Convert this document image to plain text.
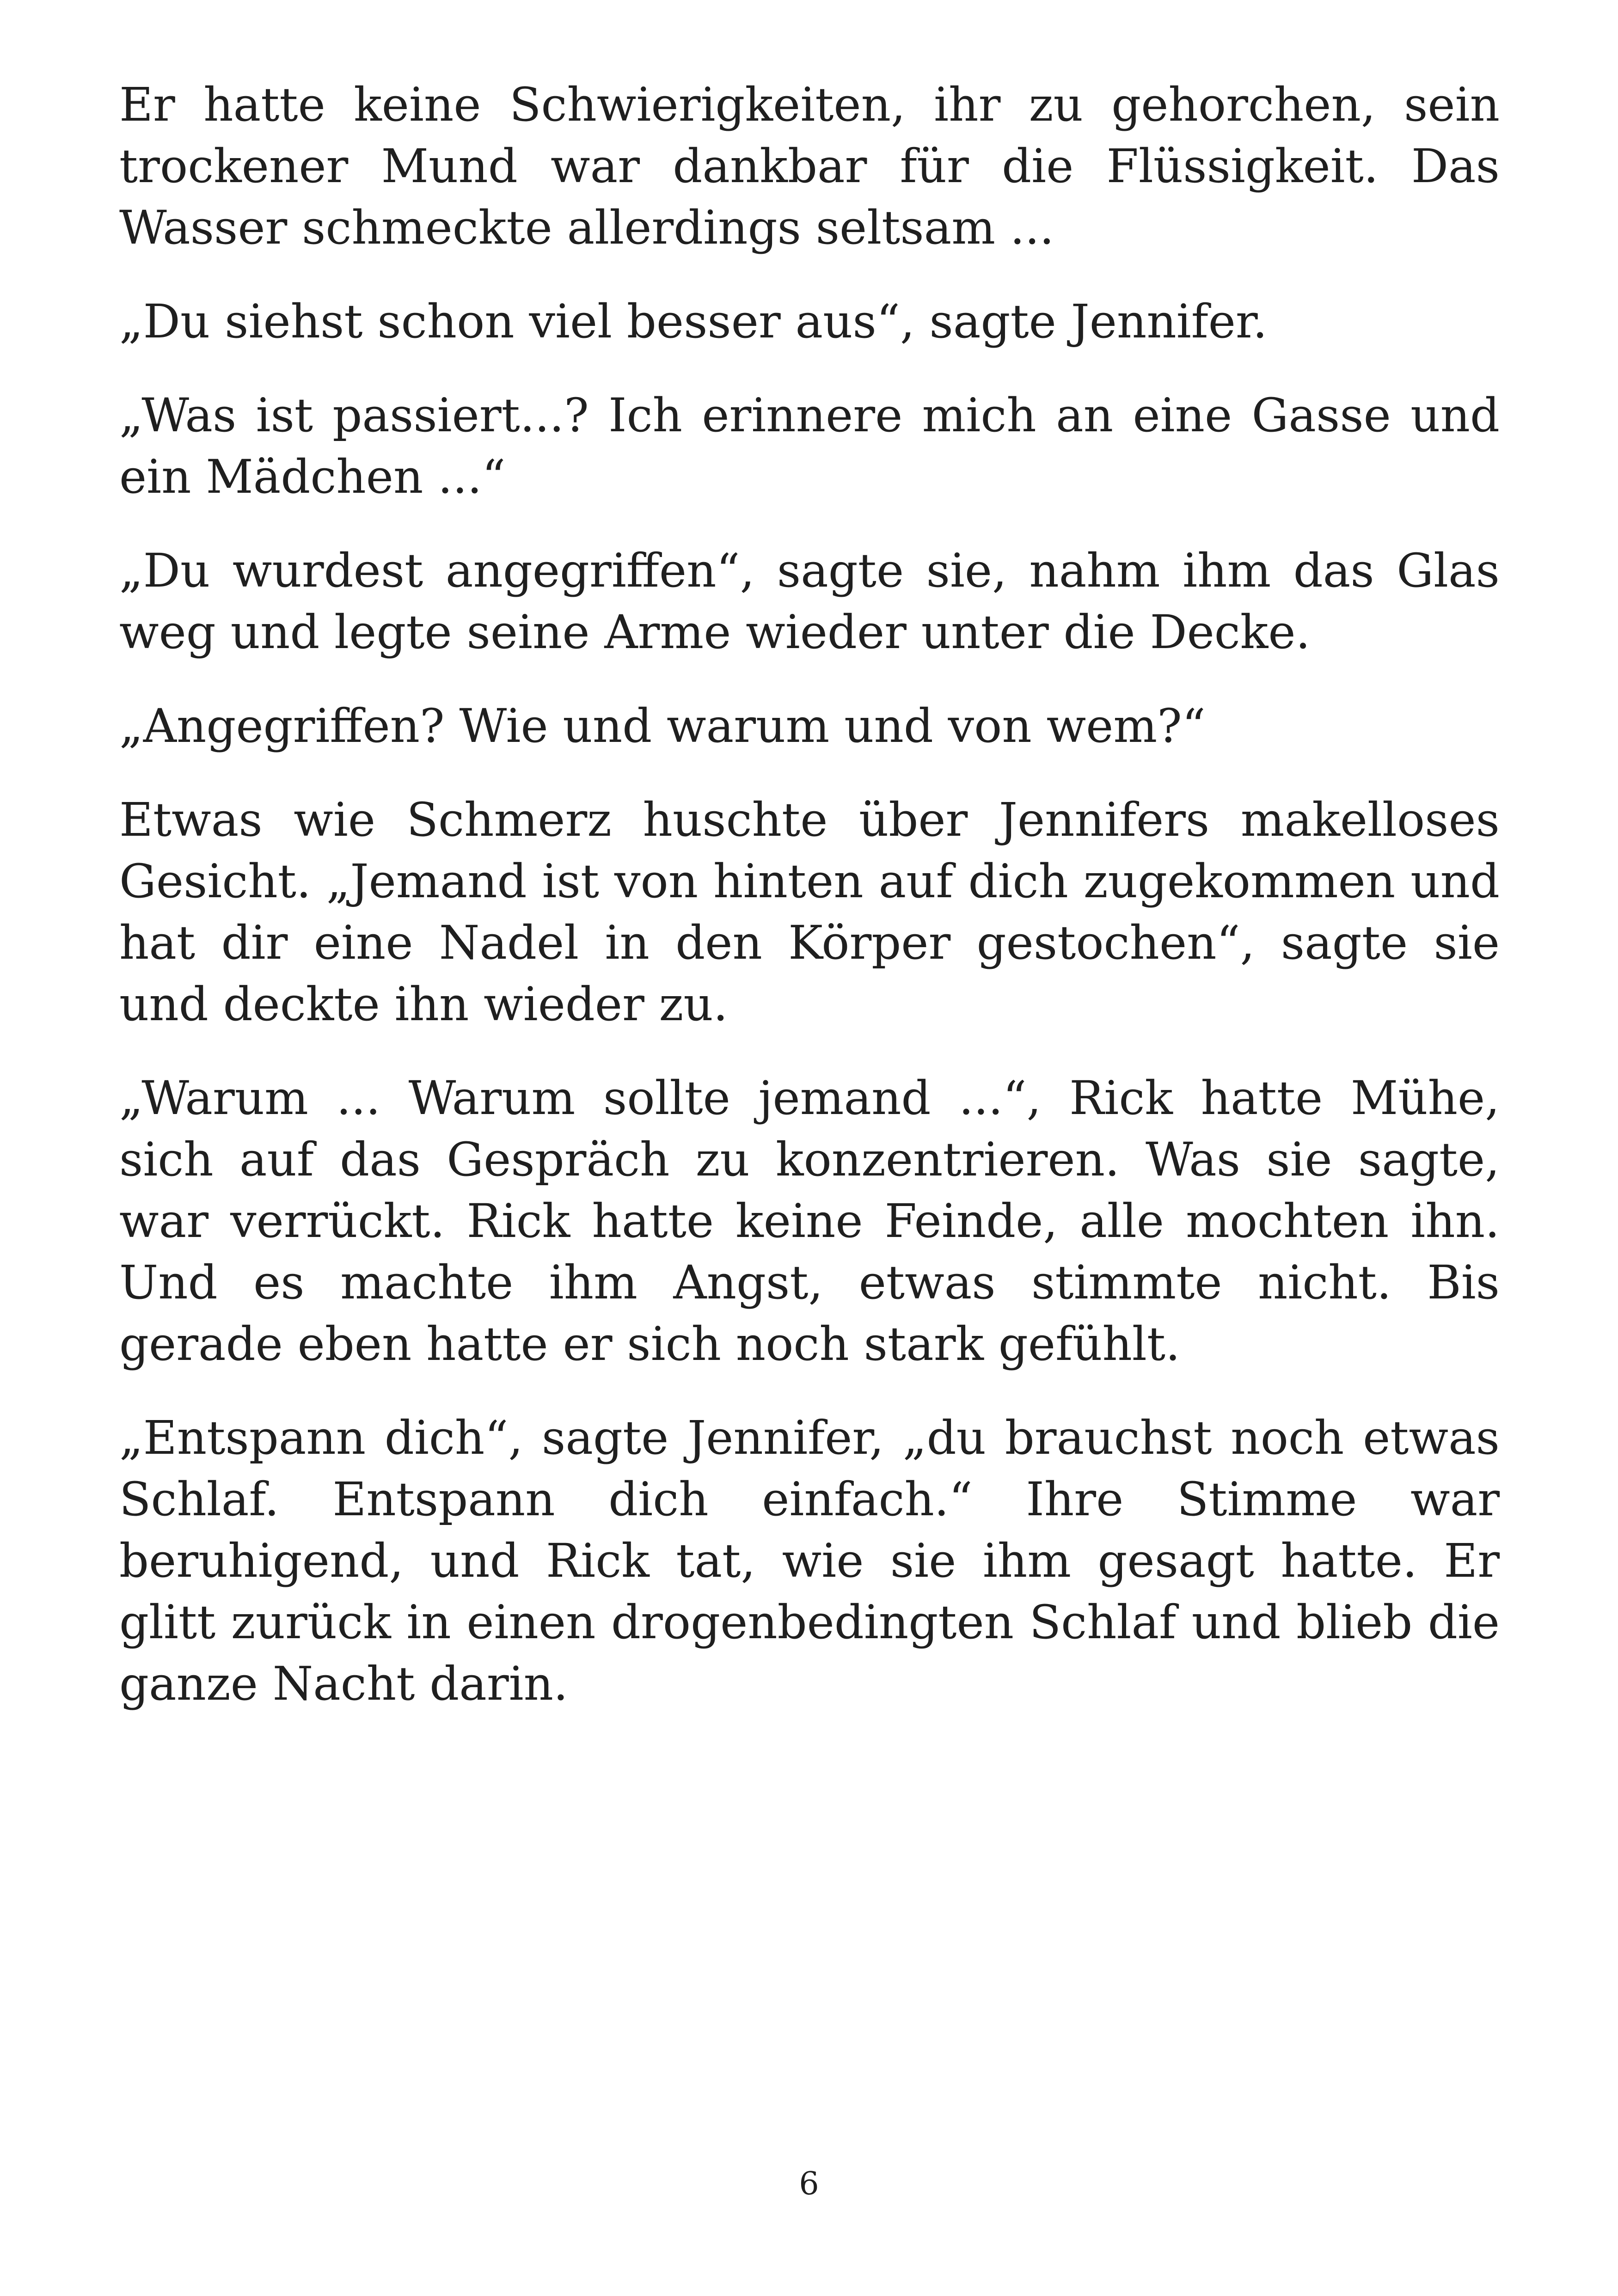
Er hatte keine Schwierigkeiten, ihr zu gehorchen, sein trockener Mund war dankbar für die Flüssigkeit. Das Wasser schmeckte allerdings seltsam ...

„Du siehst schon viel besser aus“, sagte Jennifer.

„Was ist passiert...? Ich erinnere mich an eine Gasse und ein Mädchen ...“

„Du wurdest angegriffen“, sagte sie, nahm ihm das Glas weg und legte seine Arme wieder unter die Decke.

„Angegriffen? Wie und warum und von wem?“

Etwas wie Schmerz huschte über Jennifers makelloses Gesicht. „Jemand ist von hinten auf dich zugekommen und hat dir eine Nadel in den Körper gestochen“, sagte sie und deckte ihn wieder zu.

„Warum ... Warum sollte jemand ...“, Rick hatte Mühe, sich auf das Gespräch zu konzentrieren. Was sie sagte, war verrückt. Rick hatte keine Feinde, alle mochten ihn. Und es machte ihm Angst, etwas stimmte nicht. Bis gerade eben hatte er sich noch stark gefühlt.

„Entspann dich“, sagte Jennifer, „du brauchst noch etwas Schlaf. Entspann dich einfach.“ Ihre Stimme war beruhigend, und Rick tat, wie sie ihm gesagt hatte. Er glitt zurück in einen drogenbedingten Schlaf und blieb die ganze Nacht darin.

6
